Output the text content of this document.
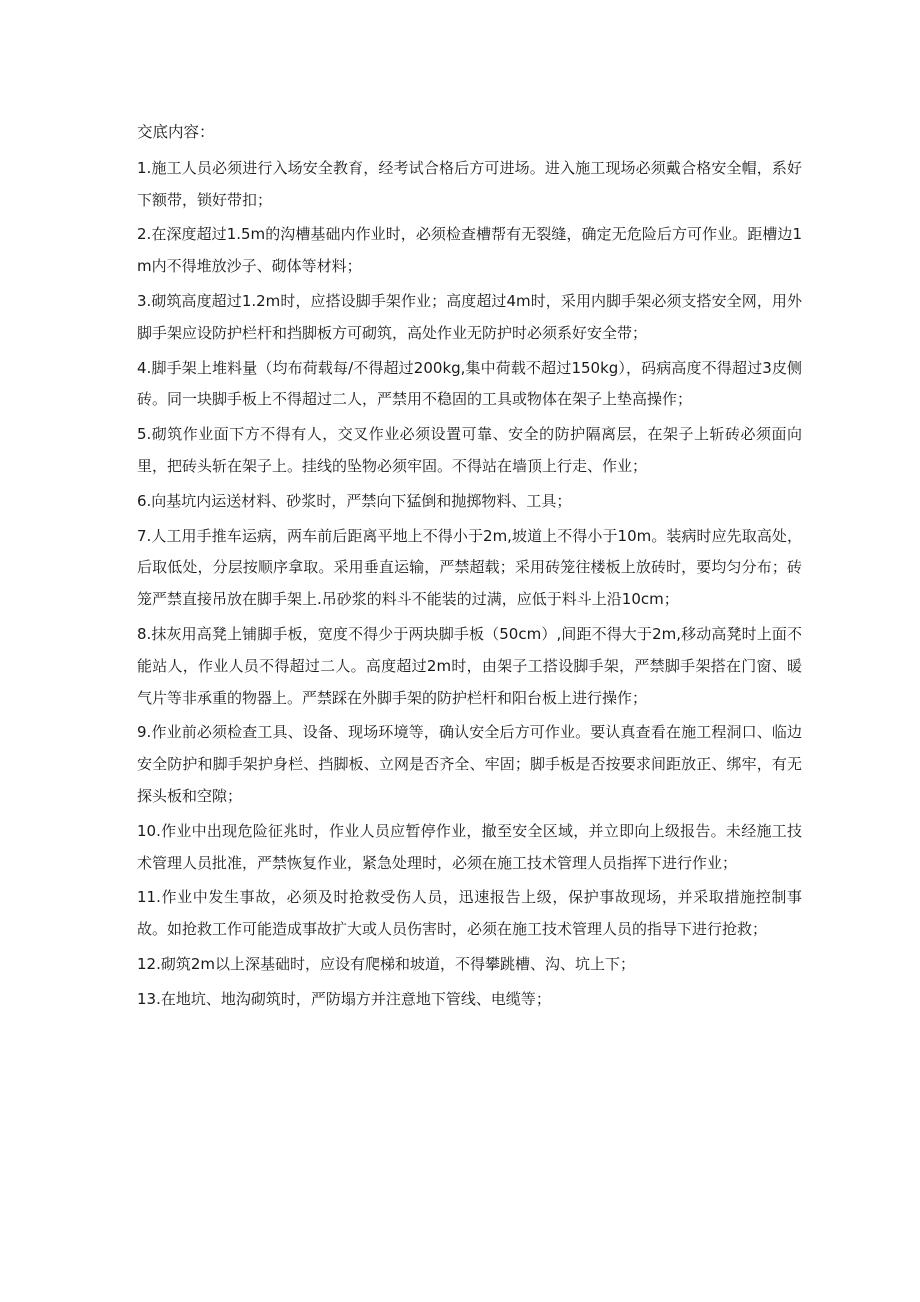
交底内容：

1.施工人员必须进行入场安全教育，经考试合格后方可进场。进入施工现场必须戴合格安全帽，系好下额带，锁好带扣；

2.在深度超过1.5m的沟槽基础内作业时，必须检查槽帮有无裂缝，确定无危险后方可作业。距槽边1m内不得堆放沙子、砌体等材料；

3.砌筑高度超过1.2m时，应搭设脚手架作业；高度超过4m时，采用内脚手架必须支搭安全网，用外脚手架应设防护栏杆和挡脚板方可砌筑，高处作业无防护时必须系好安全带；

4.脚手架上堆料量（均布荷载每/不得超过200kg,集中荷载不超过150kg），码病高度不得超过3皮侧砖。同一块脚手板上不得超过二人，严禁用不稳固的工具或物体在架子上垫高操作；

5.砌筑作业面下方不得有人，交叉作业必须设置可靠、安全的防护隔离层，在架子上斩砖必须面向里，把砖头斩在架子上。挂线的坠物必须牢固。不得站在墙顶上行走、作业；

6.向基坑内运送材料、砂浆时，严禁向下猛倒和抛掷物料、工具；

7.人工用手推车运病，两车前后距离平地上不得小于2m,坡道上不得小于10m。装病时应先取高处，后取低处，分层按顺序拿取。采用垂直运输，严禁超载；采用砖笼往楼板上放砖时，要均匀分布；砖笼严禁直接吊放在脚手架上.吊砂浆的料斗不能装的过满，应低于料斗上沿10cm；

8.抹灰用高凳上铺脚手板，宽度不得少于两块脚手板（50cm）,间距不得大于2m,移动高凳时上面不能站人，作业人员不得超过二人。高度超过2m时，由架子工搭设脚手架，严禁脚手架搭在门窗、暖气片等非承重的物器上。严禁踩在外脚手架的防护栏杆和阳台板上进行操作；

9.作业前必须检查工具、设备、现场环境等，确认安全后方可作业。要认真查看在施工程洞口、临边安全防护和脚手架护身栏、挡脚板、立网是否齐全、牢固；脚手板是否按要求间距放正、绑牢，有无探头板和空隙；

10.作业中出现危险征兆时，作业人员应暂停作业，撤至安全区域，并立即向上级报告。未经施工技术管理人员批准，严禁恢复作业，紧急处理时，必须在施工技术管理人员指挥下进行作业；

11.作业中发生事故，必须及时抢救受伤人员，迅速报告上级，保护事故现场，并采取措施控制事故。如抢救工作可能造成事故扩大或人员伤害时，必须在施工技术管理人员的指导下进行抢救；

12.砌筑2m以上深基础时，应设有爬梯和坡道，不得攀跳槽、沟、坑上下；

13.在地坑、地沟砌筑时，严防塌方并注意地下管线、电缆等；
